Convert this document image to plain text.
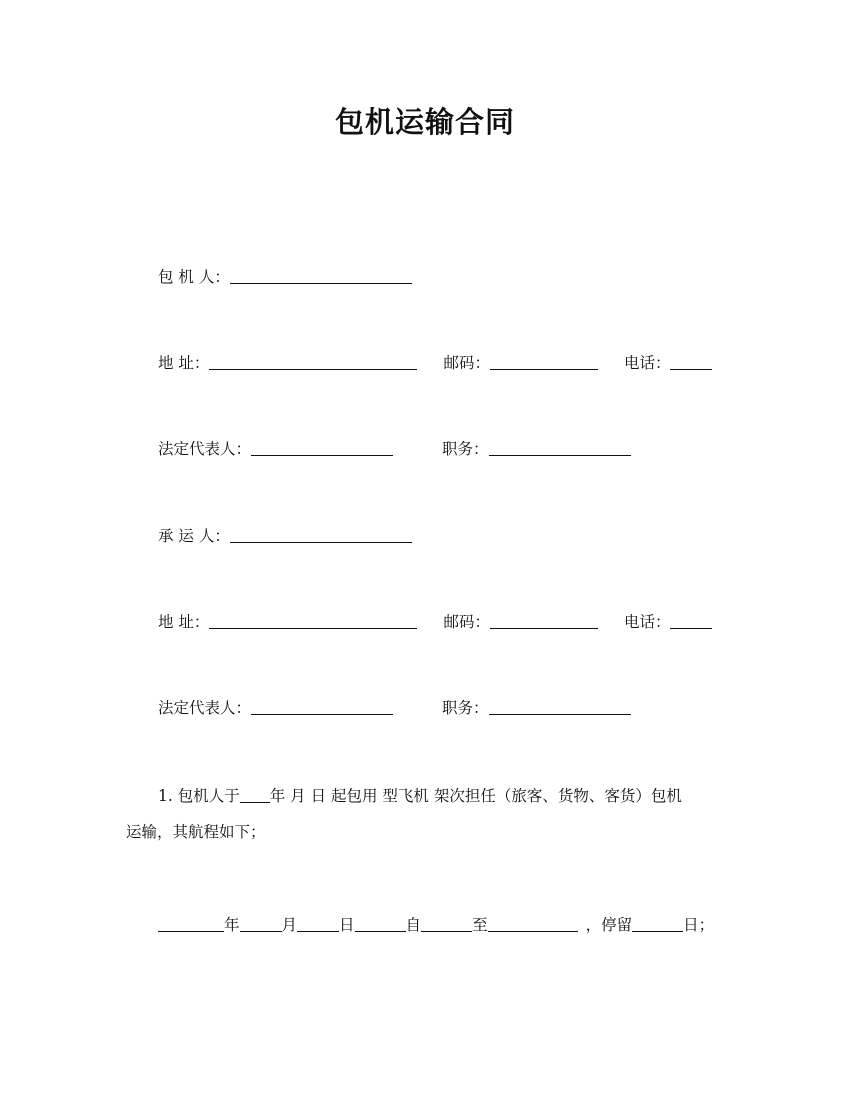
包机运输合同
包 机 人：
地 址：	邮码：	电话：
法定代表人：	职务：
承 运 人：
地 址：	邮码：	电话：
法定代表人：	职务：
1. 包机人于 年 月 日 起包用 型飞机 架次担任（旅客、货物、客货）包机
运输，其航程如下；
年	月	日	自	至	，停留	日；
